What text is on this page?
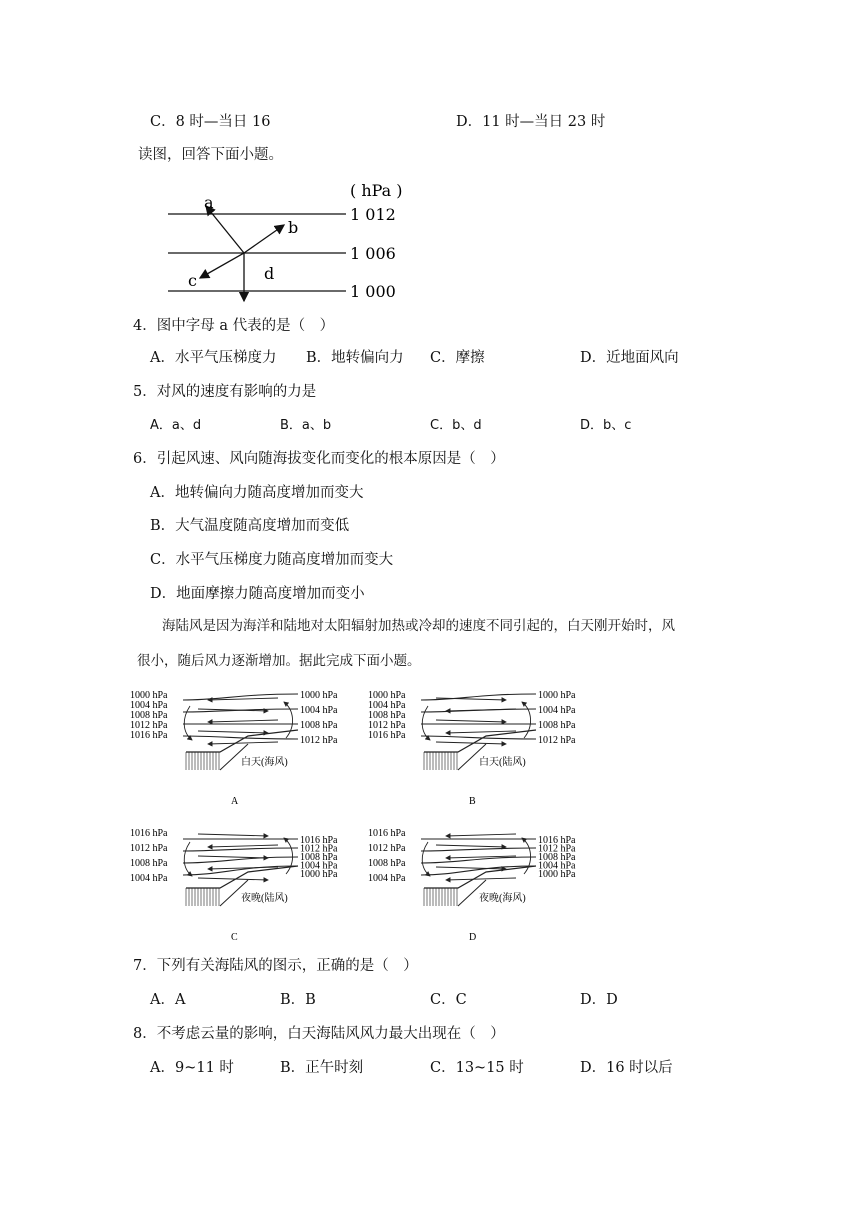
C．8 时—当日 16	D．11 时—当日 23 时
读图，回答下面小题。
a
b
c	d
( hPa )
1 012
1 006
1 000
4．图中字母 a 代表的是（　）
A．水平气压梯度力 B．地转偏向力 C．摩擦	D．近地面风向
5．对风的速度有影响的力是
A．a、d	B．a、b	C．b、d	D．b、c
6．引起风速、风向随海拔变化而变化的根本原因是（　）
A．地转偏向力随高度增加而变大
B．大气温度随高度增加而变低
C．水平气压梯度力随高度增加而变大
D．地面摩擦力随高度增加而变小
海陆风是因为海洋和陆地对太阳辐射加热或冷却的速度不同引起的，白天刚开始时，风
很小，随后风力逐渐增加。据此完成下面小题。
1000 hPa
1004 hPa
1008 hPa
1012 hPa
1016 hPa
1000 hPa
1004 hPa
1008 hPa
1012 hPa
白天(海风)
A
1000 hPa
1004 hPa
1008 hPa
1012 hPa
1016 hPa
1000 hPa
1004 hPa
1008 hPa
1012 hPa
白天(陆风)
B
1016 hPa
1012 hPa
1008 hPa
1004 hPa
1016 hPa
1012 hPa
1008 hPa
1004 hPa
1000 hPa
夜晚(陆风)
C
1016 hPa
1012 hPa
1008 hPa
1004 hPa
1016 hPa
1012 hPa
1008 hPa
1004 hPa
1000 hPa
夜晚(海风)
D
7．下列有关海陆风的图示，正确的是（　）
A．A	B．B	C．C	D．D
8．不考虑云量的影响，白天海陆风风力最大出现在（　）
A．9~11 时	B．正午时刻	C．13~15 时	D．16 时以后
